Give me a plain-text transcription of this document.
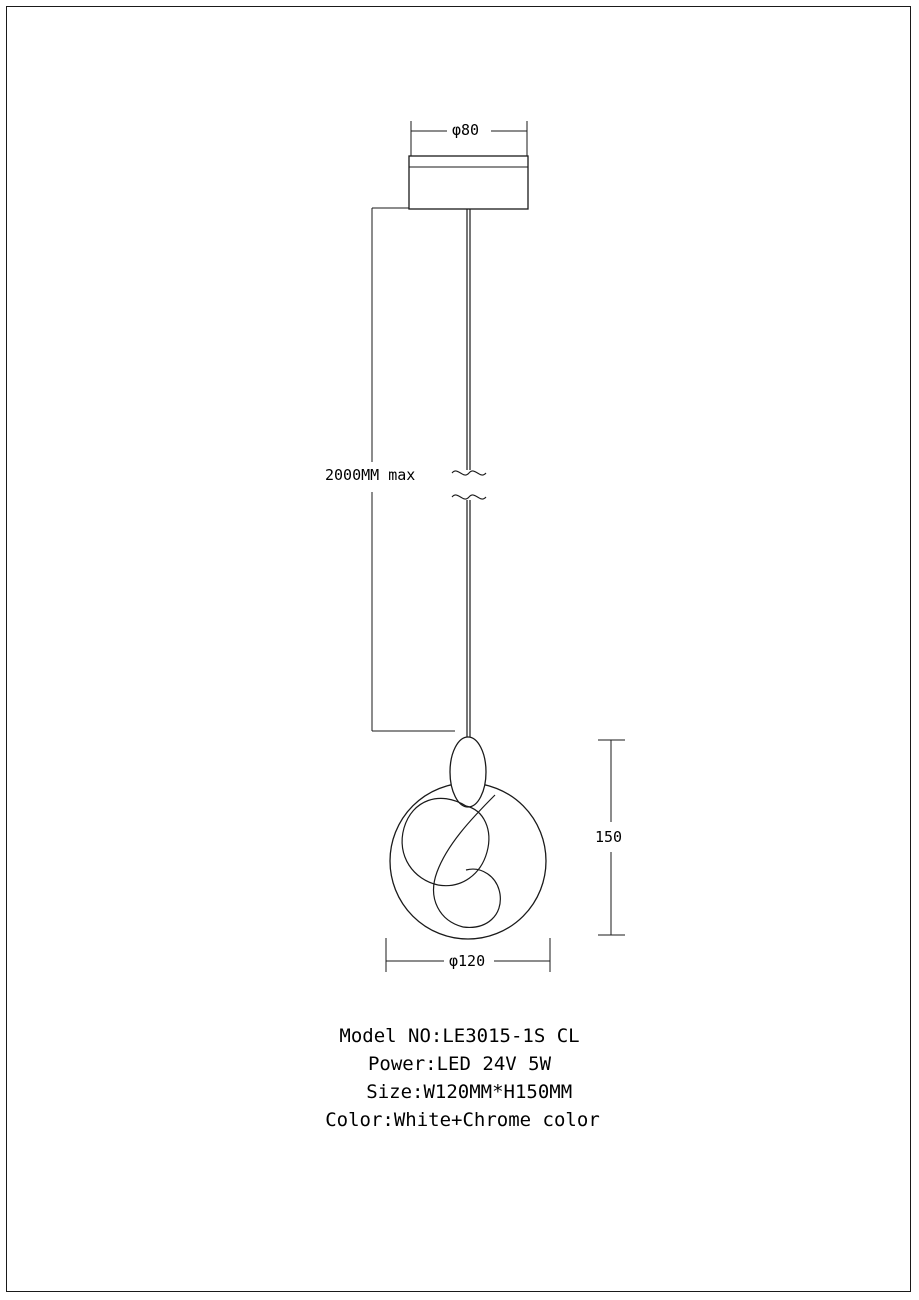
φ80
2000MM max
150
φ120
Model NO:LE3015-1S CL
Power:LED 24V 5W
Size:W120MM*H150MM
Color:White+Chrome color
